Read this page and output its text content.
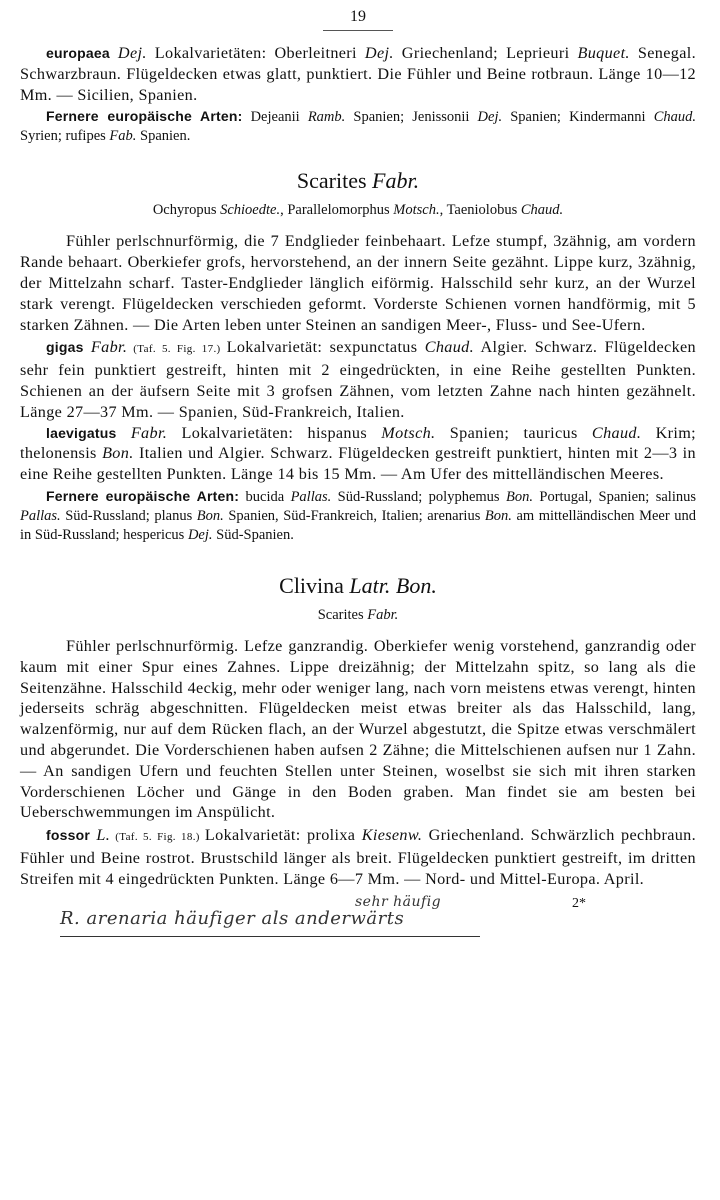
19

europaea Dej. Lokalvarietäten: Oberleitneri Dej. Griechenland; Leprieuri Buquet. Senegal. Schwarzbraun. Flügeldecken etwas glatt, punktiert. Die Fühler und Beine rotbraun. Länge 10—12 Mm. — Sicilien, Spanien.

Fernere europäische Arten: Dejeanii Ramb. Spanien; Jenissonii Dej. Spanien; Kindermanni Chaud. Syrien; rufipes Fab. Spanien.

Scarites Fabr.
Ochyropus Schioedte., Parallelomorphus Motsch., Taeniolobus Chaud.

Fühler perlschnurförmig, die 7 Endglieder feinbehaart. Lefze stumpf, 3zähnig, am vordern Rande behaart. Oberkiefer grofs, hervorstehend, an der innern Seite gezähnt. Lippe kurz, 3zähnig, der Mittelzahn scharf. Taster-Endglieder länglich eiförmig. Halsschild sehr kurz, an der Wurzel stark verengt. Flügeldecken verschieden geformt. Vorderste Schienen vornen handförmig, mit 5 starken Zähnen. — Die Arten leben unter Steinen an sandigen Meer-, Fluss- und See-Ufern.

gigas Fabr. (Taf. 5. Fig. 17.) Lokalvarietät: sexpunctatus Chaud. Algier. Schwarz. Flügeldecken sehr fein punktiert gestreift, hinten mit 2 eingedrückten, in eine Reihe gestellten Punkten. Schienen an der äufsern Seite mit 3 grofsen Zähnen, vom letzten Zahne nach hinten gezähnelt. Länge 27—37 Mm. — Spanien, Süd-Frankreich, Italien.

laevigatus Fabr. Lokalvarietäten: hispanus Motsch. Spanien; tauricus Chaud. Krim; thelonensis Bon. Italien und Algier. Schwarz. Flügeldecken gestreift punktiert, hinten mit 2—3 in eine Reihe gestellten Punkten. Länge 14 bis 15 Mm. — Am Ufer des mittelländischen Meeres.

Fernere europäische Arten: bucida Pallas. Süd-Russland; polyphemus Bon. Portugal, Spanien; salinus Pallas. Süd-Russland; planus Bon. Spanien, Süd-Frankreich, Italien; arenarius Bon. am mittelländischen Meer und in Süd-Russland; hespericus Dej. Süd-Spanien.

Clivina Latr. Bon.
Scarites Fabr.

Fühler perlschnurförmig. Lefze ganzrandig. Oberkiefer wenig vorstehend, ganzrandig oder kaum mit einer Spur eines Zahnes. Lippe dreizähnig; der Mittelzahn spitz, so lang als die Seitenzähne. Halsschild 4eckig, mehr oder weniger lang, nach vorn meistens etwas verengt, hinten jederseits schräg abgeschnitten. Flügeldecken meist etwas breiter als das Halsschild, lang, walzenförmig, nur auf dem Rücken flach, an der Wurzel abgestutzt, die Spitze etwas verschmälert und abgerundet. Die Vorderschienen haben aufsen 2 Zähne; die Mittelschienen aufsen nur 1 Zahn. — An sandigen Ufern und feuchten Stellen unter Steinen, woselbst sie sich mit ihren starken Vorderschienen Löcher und Gänge in den Boden graben. Man findet sie am besten bei Ueberschwemmungen im Anspülicht.

fossor L. (Taf. 5. Fig. 18.) Lokalvarietät: prolixa Kiesenw. Griechenland. Schwärzlich pechbraun. Fühler und Beine rostrot. Brustschild länger als breit. Flügeldecken punktiert gestreift, im dritten Streifen mit 4 eingedrückten Punkten. Länge 6—7 Mm. — Nord- und Mittel-Europa. April.

sehr häufig
R. arenaria häufiger als anderwärts
2*
